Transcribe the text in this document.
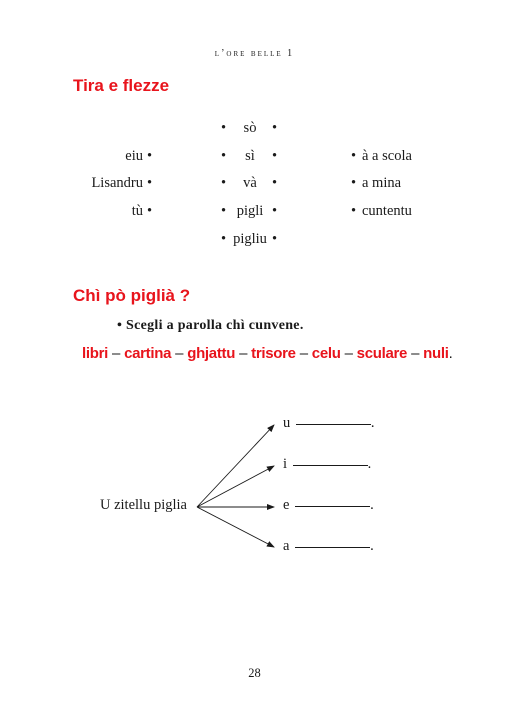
l’ore belle 1
Tira e flezze
eiu
•
Lisandru
•
tù
•
•
sò
•
•
sì
•
•
và
•
•
pigli
•
•
pigliu
•
•
à a scola
•
a mina
•
cuntentu
Chì pò piglià ?
• Scegli a parolla chì cunvene.
libri – cartina – ghjattu – trisore – celu – sculare – nuli.
U zitellu piglia
u	.
i	.
e	.
a	.
28
